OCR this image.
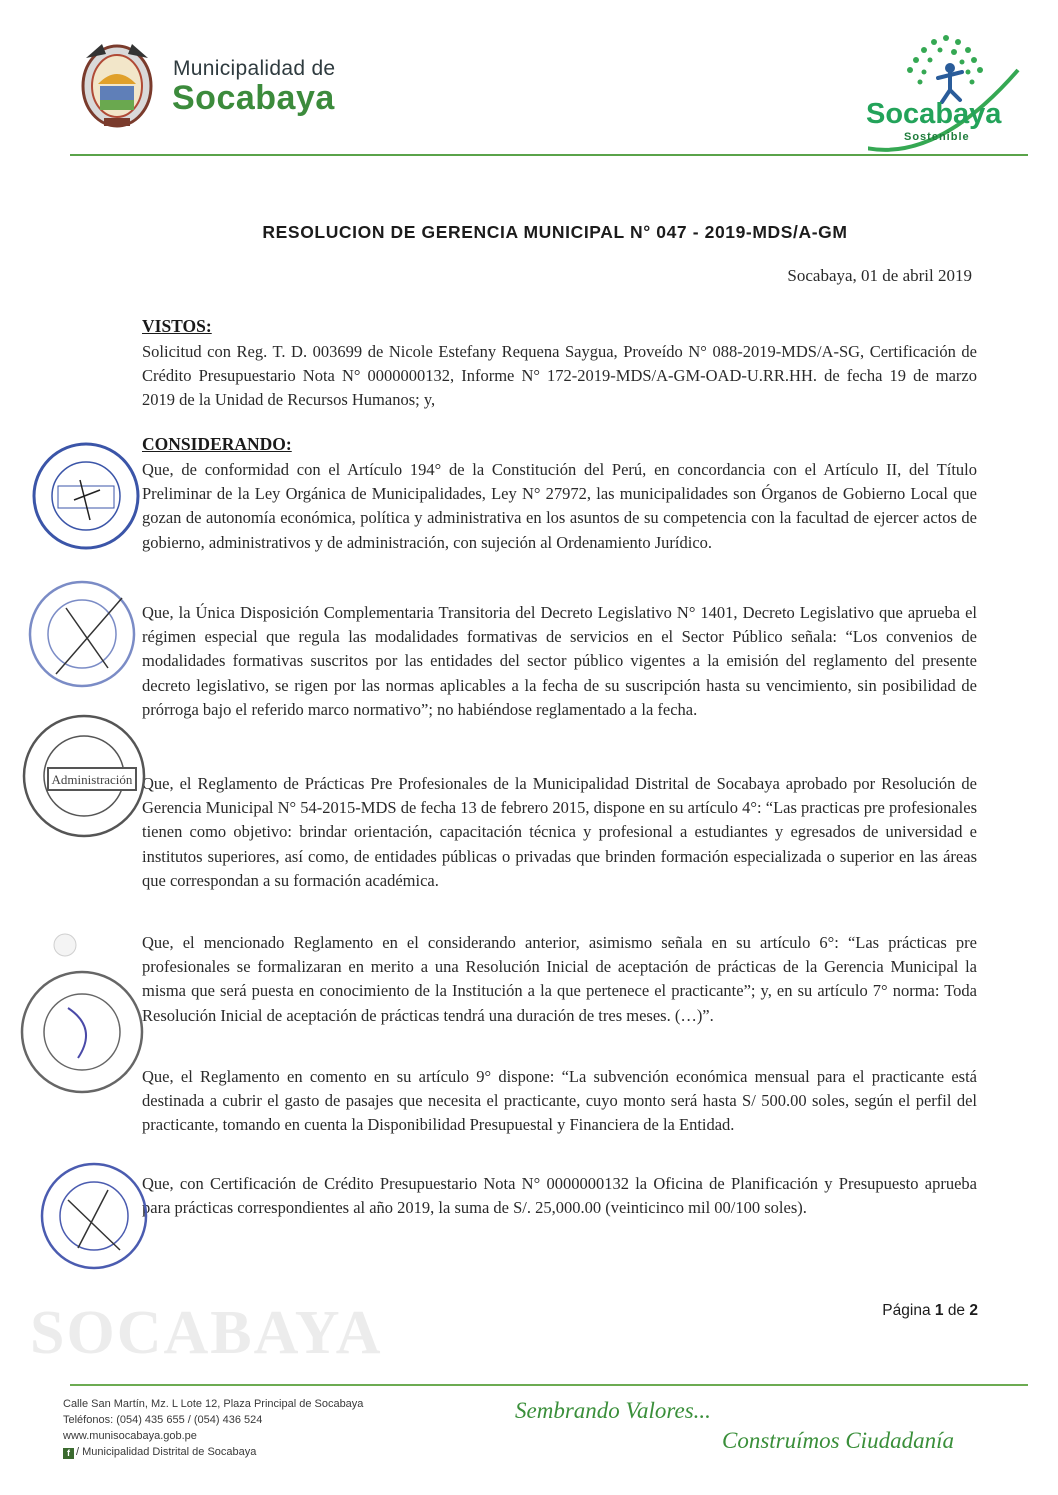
SOCABAYA
Municipalidad de
Socabaya	Socabaya
Sostenible
RESOLUCION DE GERENCIA MUNICIPAL N° 047 - 2019-MDS/A-GM
Socabaya, 01 de abril 2019
VISTOS:

Solicitud con Reg. T. D. 003699 de Nicole Estefany Requena Saygua, Proveído N° 088-2019-MDS/A-SG, Certificación de Crédito Presupuestario Nota N° 0000000132, Informe N° 172-2019-MDS/A-GM-OAD-U.RR.HH. de fecha 19 de marzo 2019 de la Unidad de Recursos Humanos; y,

CONSIDERANDO:

Que, de conformidad con el Artículo 194° de la Constitución del Perú, en concordancia con el Artículo II, del Título Preliminar de la Ley Orgánica de Municipalidades, Ley N° 27972, las municipalidades son Órganos de Gobierno Local que gozan de autonomía económica, política y administrativa en los asuntos de su competencia con la facultad de ejercer actos de gobierno, administrativos y de administración, con sujeción al Ordenamiento Jurídico.

Que, la Única Disposición Complementaria Transitoria del Decreto Legislativo N° 1401, Decreto Legislativo que aprueba el régimen especial que regula las modalidades formativas de servicios en el Sector Público señala: “Los convenios de modalidades formativas suscritos por las entidades del sector público vigentes a la emisión del reglamento del presente decreto legislativo, se rigen por las normas aplicables a la fecha de su suscripción hasta su vencimiento, sin posibilidad de prórroga bajo el referido marco normativo”; no habiéndose reglamentado a la fecha.

Que, el Reglamento de Prácticas Pre Profesionales de la Municipalidad Distrital de Socabaya aprobado por Resolución de Gerencia Municipal N° 54-2015-MDS de fecha 13 de febrero 2015, dispone en su artículo 4°: “Las practicas pre profesionales tienen como objetivo: brindar orientación, capacitación técnica y profesional a estudiantes y egresados de universidad e institutos superiores, así como, de entidades públicas o privadas que brinden formación especializada o superior en las áreas que correspondan a su formación académica.

Que, el mencionado Reglamento en el considerando anterior, asimismo señala en su artículo 6°: “Las prácticas pre profesionales se formalizaran en merito a una Resolución Inicial de aceptación de prácticas de la Gerencia Municipal la misma que será puesta en conocimiento de la Institución a la que pertenece el practicante”; y, en su artículo 7° norma: Toda Resolución Inicial de aceptación de prácticas tendrá una duración de tres meses. (…)”.

Que, el Reglamento en comento en su artículo 9° dispone: “La subvención económica mensual para el practicante está destinada a cubrir el gasto de pasajes que necesita el practicante, cuyo monto será hasta S/ 500.00 soles, según el perfil del practicante, tomando en cuenta la Disponibilidad Presupuestal y Financiera de la Entidad.

Que, con Certificación de Crédito Presupuestario Nota N° 0000000132 la Oficina de Planificación y Presupuesto aprueba para prácticas correspondientes al año 2019, la suma de S/. 25,000.00 (veinticinco mil 00/100 soles).

Administración
Página 1 de 2
Calle San Martín, Mz. L Lote 12, Plaza Principal de Socabaya
Teléfonos: (054) 435 655 / (054) 436 524
www.munisocabaya.gob.pe
f / Municipalidad Distrital de Socabaya
Sembrando Valores...
Construímos Ciudadanía
